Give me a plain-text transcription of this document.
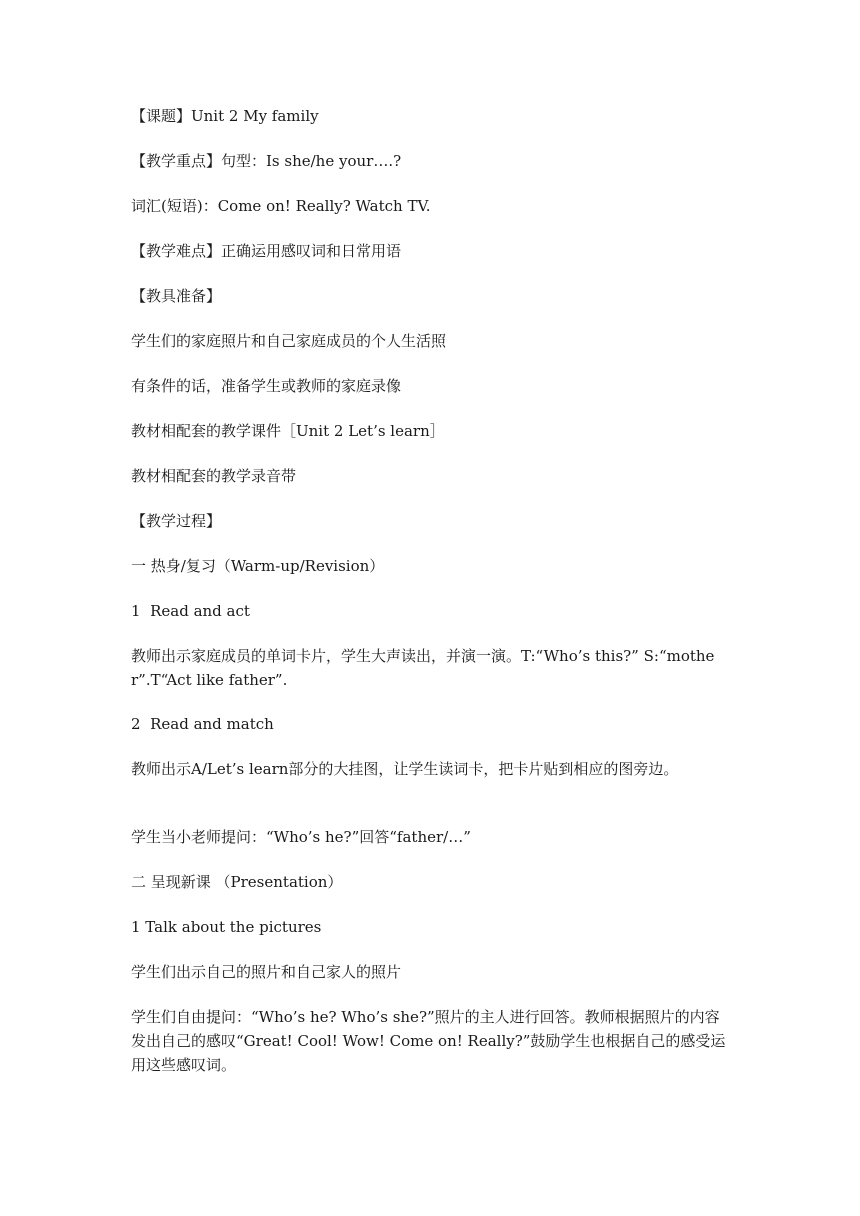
【课题】Unit 2 My family

【教学重点】句型：Is she/he your….?

词汇(短语)：Come on! Really? Watch TV.

【教学难点】正确运用感叹词和日常用语

【教具准备】

学生们的家庭照片和自己家庭成员的个人生活照

有条件的话，准备学生或教师的家庭录像

教材相配套的教学课件［Unit 2 Let’s learn］

教材相配套的教学录音带

【教学过程】

一 热身/复习（Warm-up/Revision）

1  Read and act

教师出示家庭成员的单词卡片，学生大声读出，并演一演。T:“Who’s this?” S:“mother”.T“Act like father”.

2  Read and match

教师出示A/Let’s learn部分的大挂图，让学生读词卡，把卡片贴到相应的图旁边。

学生当小老师提问：“Who’s he?”回答“father/…”

二 呈现新课 （Presentation）

1 Talk about the pictures

学生们出示自己的照片和自己家人的照片

学生们自由提问：“Who’s he? Who’s she?”照片的主人进行回答。教师根据照片的内容发出自己的感叹“Great! Cool! Wow! Come on! Really?”鼓励学生也根据自己的感受运用这些感叹词。
